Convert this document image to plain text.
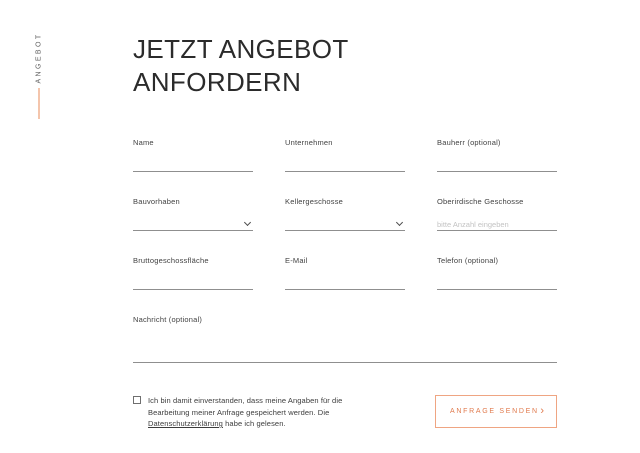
ANGEBOT	JETZT ANGEBOT
ANFORDERN
Name	Unternehmen	Bauherr (optional)
Bauvorhaben	Kellergeschosse	Oberirdische Geschosse
bitte Anzahl eingeben
Bruttogeschossfläche	E-Mail	Telefon (optional)
Nachricht (optional)
Ich bin damit einverstanden, dass meine Angaben für die Bearbeitung meiner Anfrage gespeichert werden. Die Datenschutzerklärung habe ich gelesen.
ANFRAGE SENDEN ›
